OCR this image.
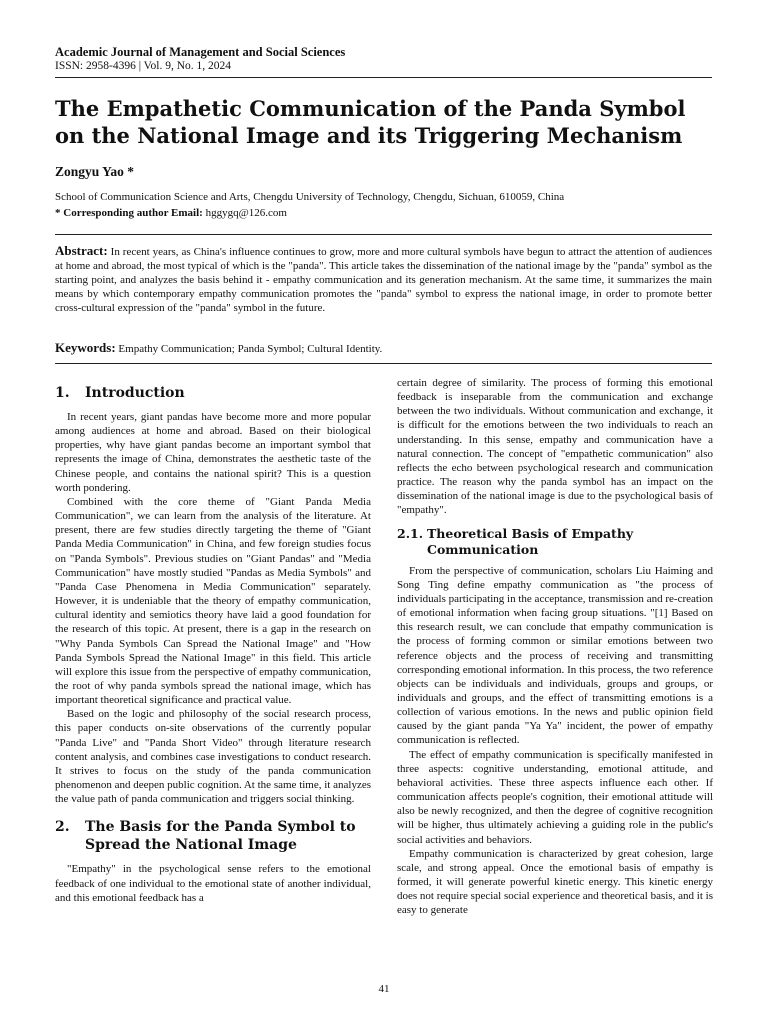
Academic Journal of Management and Social Sciences

ISSN: 2958-4396 | Vol. 9, No. 1, 2024

The Empathetic Communication of the Panda Symbol on the National Image and its Triggering Mechanism

Zongyu Yao *

School of Communication Science and Arts, Chengdu University of Technology, Chengdu, Sichuan, 610059, China

* Corresponding author Email: hggygq@126.com

Abstract: In recent years, as China's influence continues to grow, more and more cultural symbols have begun to attract the attention of audiences at home and abroad, the most typical of which is the "panda". This article takes the dissemination of the national image by the "panda" symbol as the starting point, and analyzes the basis behind it - empathy communication and its generation mechanism. At the same time, it summarizes the main means by which contemporary empathy communication promotes the "panda" symbol to express the national image, in order to promote better cross-cultural expression of the "panda" symbol in the future.

Keywords: Empathy Communication; Panda Symbol; Cultural Identity.

1.	Introduction

In recent years, giant pandas have become more and more popular among audiences at home and abroad. Based on their biological properties, why have giant pandas become an important symbol that represents the image of China, demonstrates the aesthetic taste of the Chinese people, and contains the national spirit? This is a question worth pondering.

Combined with the core theme of "Giant Panda Media Communication", we can learn from the analysis of the literature. At present, there are few studies directly targeting the theme of "Giant Panda Media Communication" in China, and few foreign studies focus on "Panda Symbols". Previous studies on "Giant Pandas" and "Media Communication" have mostly studied "Pandas as Media Symbols" and "Panda Case Phenomena in Media Communication" separately. However, it is undeniable that the theory of empathy communication, cultural identity and semiotics theory have laid a good foundation for the research of this topic. At present, there is a gap in the research on "Why Panda Symbols Can Spread the National Image" and "How Panda Symbols Spread the National Image" in this field. This article will explore this issue from the perspective of empathy communication, the root of why panda symbols spread the national image, which has important theoretical significance and practical value.

Based on the logic and philosophy of the social research process, this paper conducts on-site observations of the currently popular "Panda Live" and "Panda Short Video" through literature research content analysis, and combines case investigations to conduct research. It strives to focus on the study of the panda communication phenomenon and deepen public cognition. At the same time, it analyzes the value path of panda communication and triggers social thinking.

2.	The Basis for the Panda Symbol to Spread the National Image

"Empathy" in the psychological sense refers to the emotional feedback of one individual to the emotional state of another individual, and this emotional feedback has a

certain degree of similarity. The process of forming this emotional feedback is inseparable from the communication and exchange between the two individuals. Without communication and exchange, it is difficult for the emotions between the two individuals to reach an understanding. In this sense, empathy and communication have a natural connection. The concept of "empathetic communication" also reflects the echo between psychological research and communication practice. The reason why the panda symbol has an impact on the dissemination of the national image is due to the psychological basis of "empathy".

2.1. Theoretical Basis of Empathy Communication

From the perspective of communication, scholars Liu Haiming and Song Ting define empathy communication as "the process of individuals participating in the acceptance, transmission and re-creation of emotional information when facing group situations. "[1] Based on this research result, we can conclude that empathy communication is the process of forming common or similar emotions between two reference objects and the process of receiving and transmitting corresponding emotional information. In this process, the two reference objects can be individuals and individuals, groups and groups, or individuals and groups, and the effect of transmitting emotions is a collection of various emotions. In the news and public opinion field caused by the giant panda "Ya Ya" incident, the power of empathy communication is reflected.

The effect of empathy communication is specifically manifested in three aspects: cognitive understanding, emotional attitude, and behavioral activities. These three aspects influence each other. If communication affects people's cognition, their emotional attitude will also be newly recognized, and then the degree of cognitive recognition will be higher, thus ultimately achieving a guiding role in the public's social activities and behaviors.

Empathy communication is characterized by great cohesion, large scale, and strong appeal. Once the emotional basis of empathy is formed, it will generate powerful kinetic energy. This kinetic energy does not require special social experience and theoretical basis, and it is easy to generate

41
